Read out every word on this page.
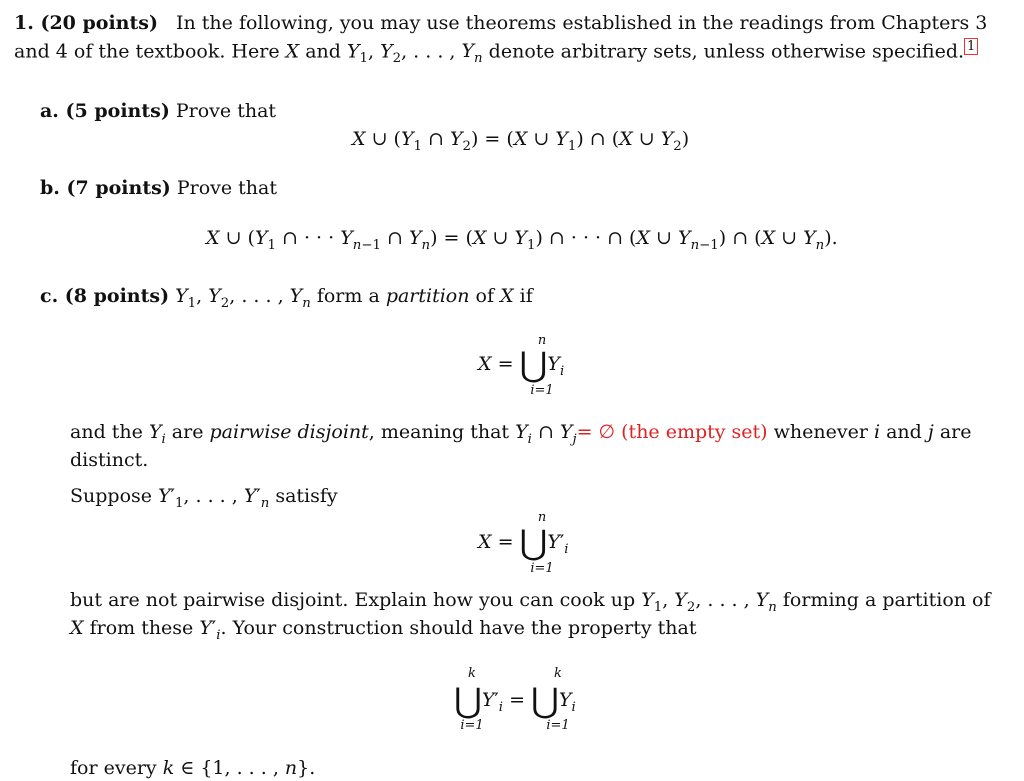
1. (20 points) In the following, you may use theorems established in the readings from Chapters 3
and 4 of the textbook. Here X and $Y_1$, $Y_2$, . . . , $Y_n$ denote arbitrary sets, unless otherwise specified. $^1$
a. (5 points) Prove that
X ∪ ($Y_1$ ∩ $Y_2) = (X$ ∪ $Y_1$) ∩ (X ∪ $Y_2$)
b. (7 points) Prove that
X ∪ ($Y_1$ ∩ · · · $Y_{n-1}$ ∩ $Y_n) = (X$ ∪ $Y_1$) ∩ · · · ∩ (X ∪ $Y_{n-1}$) ∩ (X ∪ $Y_n$).
c. (8 points) $Y_1$, $Y_2$, . . . , $Y_n$ form a partition of X if
n
$X = ⋃Y_i$
i=1
and the $Y_i$ are pairwise disjoint, meaning that $Y_i$ ∩ $Y_j=$ ∅ (the empty set) whenever i and j are
distinct.
Suppose $Y'_1$, . . . , $Y'_n$ satisfy
n
$X = ⋃Y'_i$
i=1
but are not pairwise disjoint. Explain how you can cook up $Y_1$, $Y_2$, . . . , $Y_n$ forming a partition of
X from these $Y'_i$. Your construction should have the property that
k	k
$⋃Y'_i$ = $⋃Y_i$
i=1	i=1
for every k ∈ {1, . . . , n}.
